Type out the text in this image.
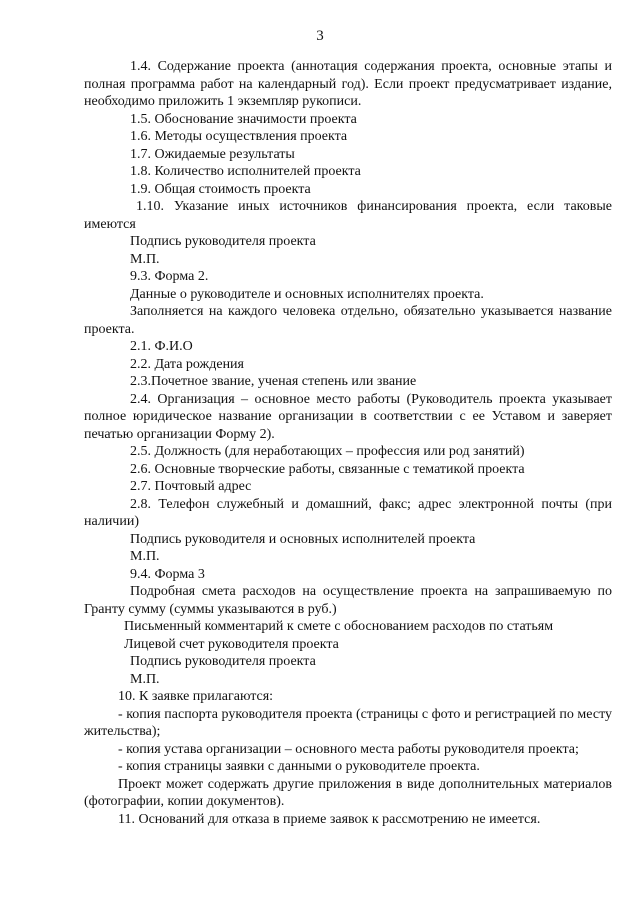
3

1.4. Содержание проекта (аннотация содержания проекта, основные этапы и полная программа работ на календарный год). Если проект предусматривает издание, необходимо приложить 1 экземпляр рукописи.

1.5. Обоснование значимости проекта

1.6. Методы осуществления проекта

1.7. Ожидаемые результаты

1.8. Количество исполнителей проекта

1.9. Общая стоимость проекта

1.10. Указание иных источников финансирования проекта, если таковые имеются

Подпись руководителя проекта

М.П.

9.3. Форма 2.

Данные о руководителе и основных исполнителях проекта.

Заполняется на каждого человека отдельно, обязательно указывается название проекта.

2.1. Ф.И.О

2.2. Дата рождения

2.3.Почетное звание, ученая степень или звание

2.4. Организация – основное место работы (Руководитель проекта указывает полное юридическое название организации в соответствии с ее Уставом и заверяет печатью организации Форму 2).

2.5. Должность (для неработающих – профессия или род занятий)

2.6. Основные творческие работы, связанные с тематикой проекта

2.7. Почтовый адрес

2.8. Телефон служебный и домашний, факс; адрес электронной почты (при наличии)

Подпись руководителя и основных исполнителей проекта

М.П.

9.4. Форма 3

Подробная смета расходов на осуществление проекта на запрашиваемую по Гранту сумму (суммы указываются в руб.)

Письменный комментарий к смете с обоснованием расходов по статьям

Лицевой счет руководителя проекта

Подпись руководителя проекта

М.П.

10. К заявке прилагаются:

- копия паспорта руководителя проекта (страницы с фото и регистрацией по месту жительства);

- копия устава организации – основного места работы руководителя проекта;

- копия страницы заявки с данными о руководителе проекта.

Проект может содержать другие приложения в виде дополнительных материалов (фотографии, копии документов).

11. Оснований для отказа в приеме заявок к рассмотрению не имеется.
